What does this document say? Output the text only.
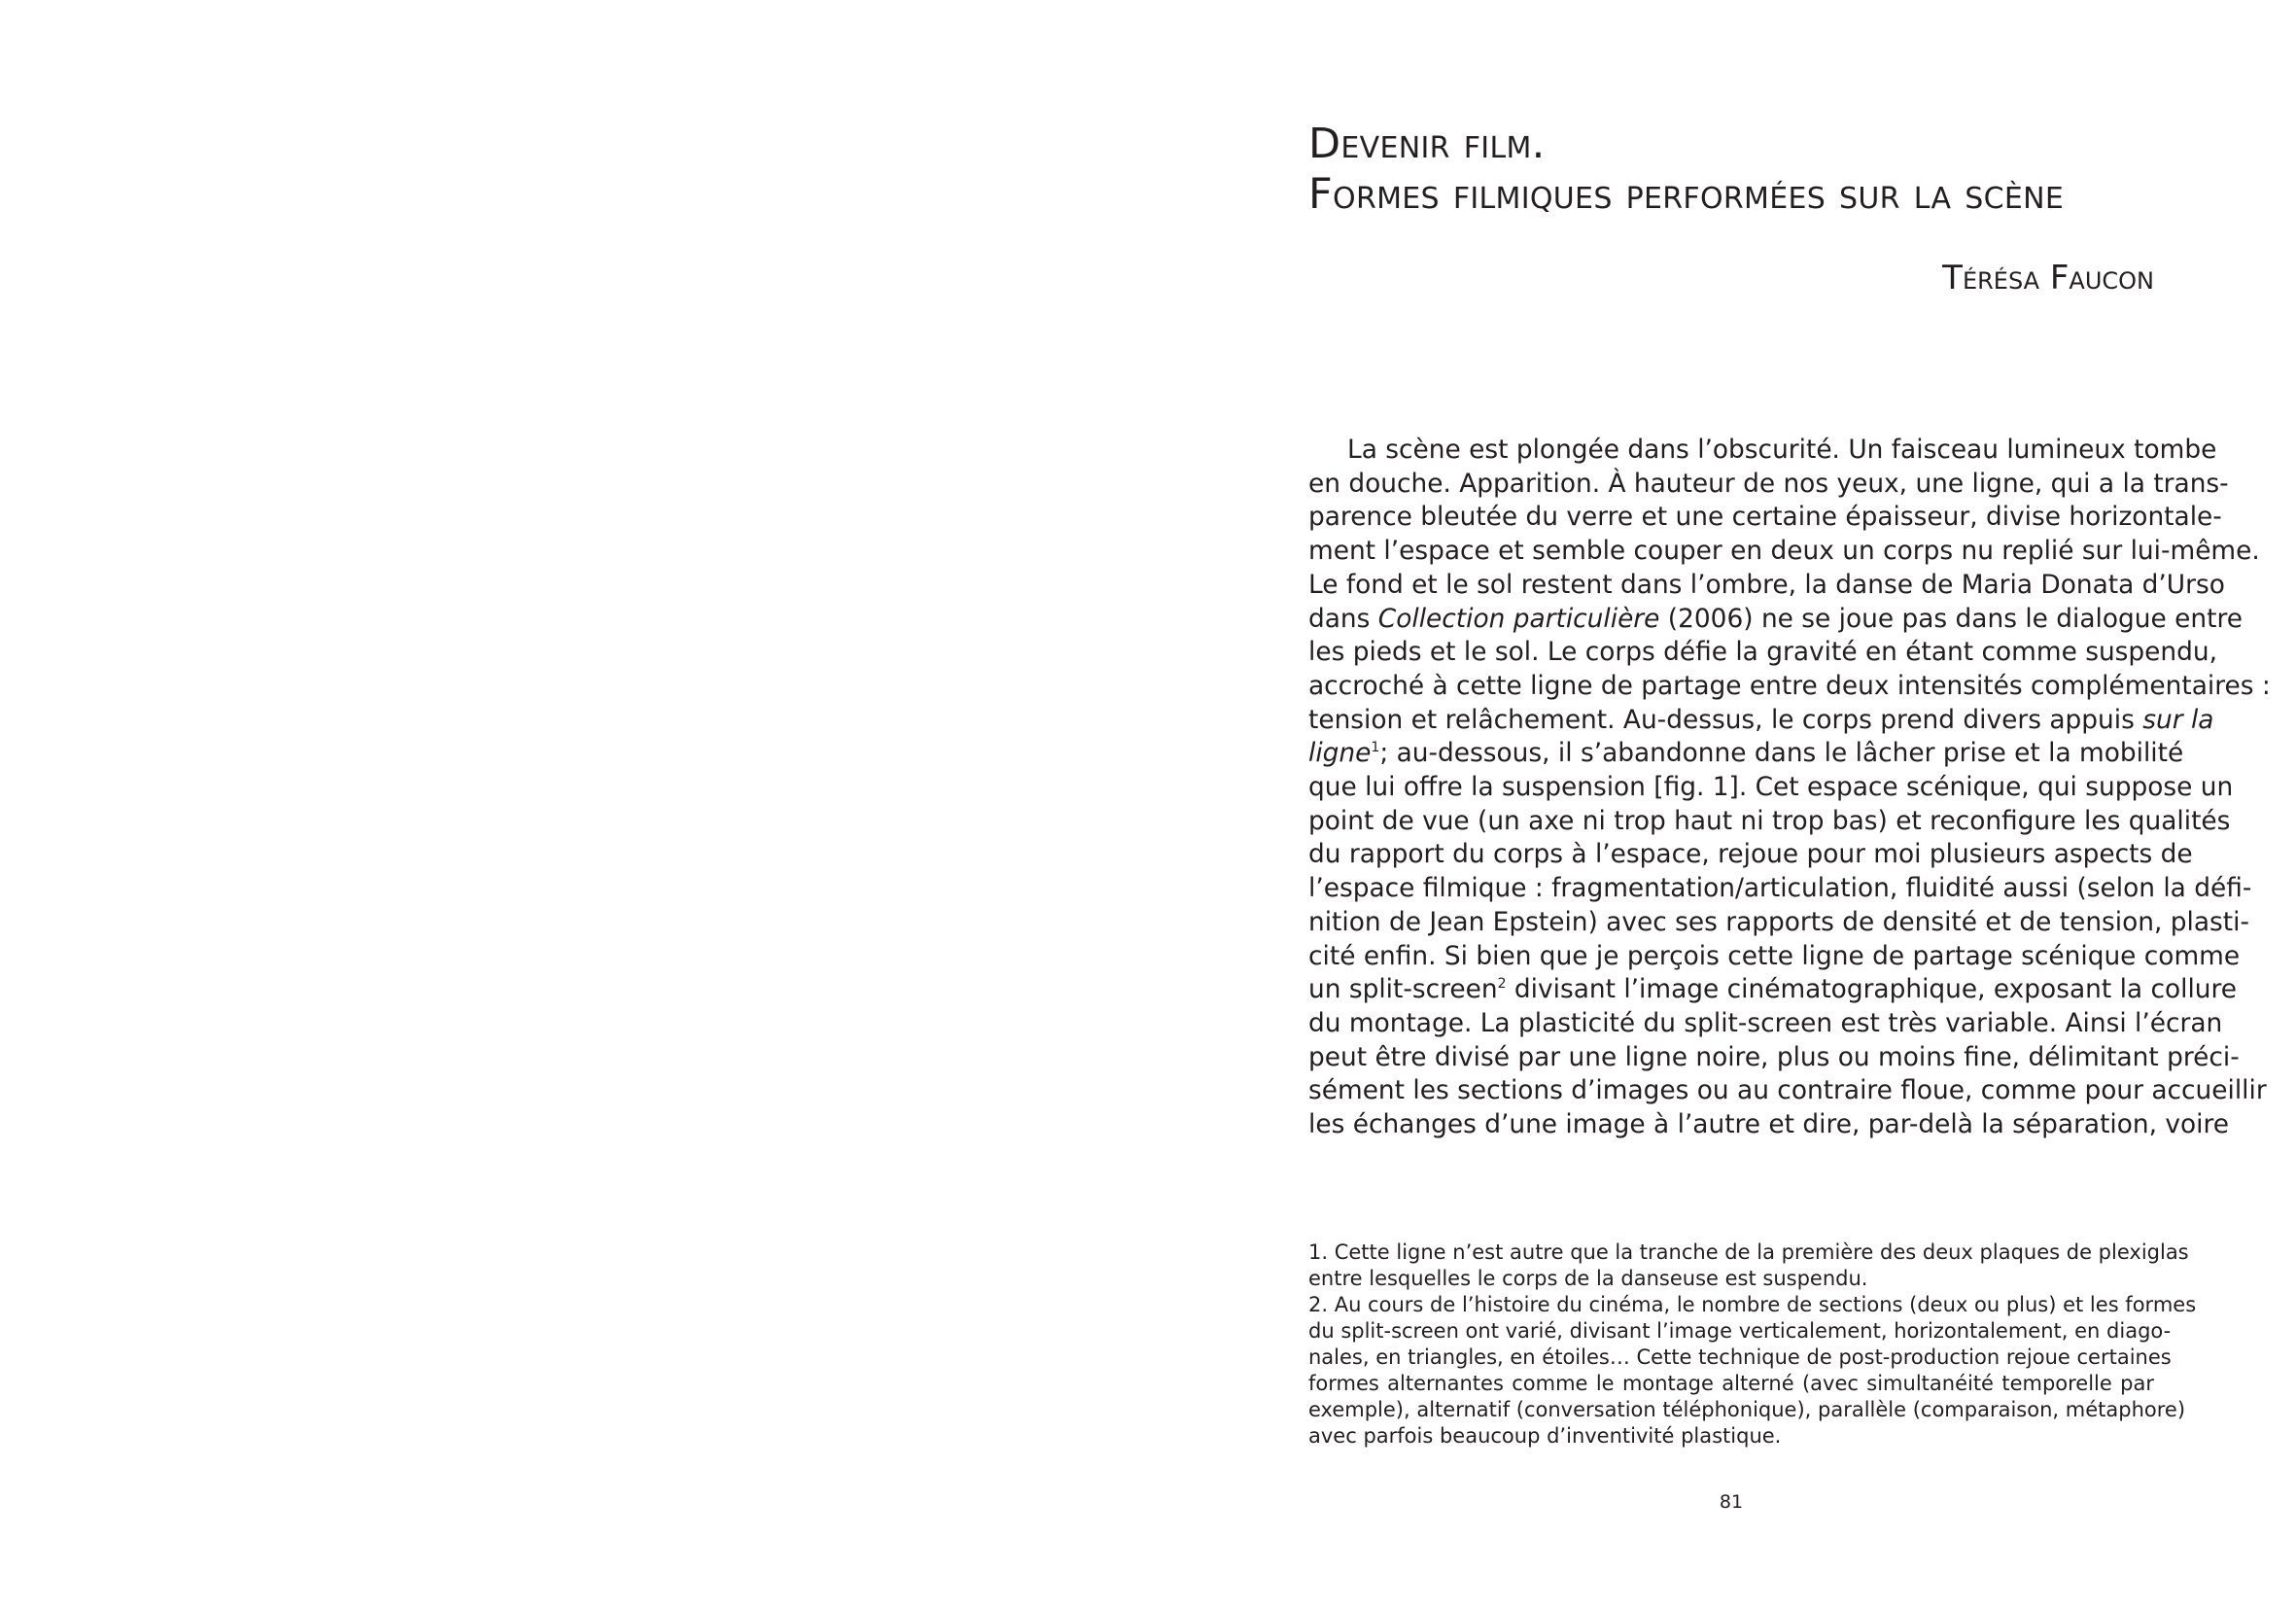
Devenir film.
Formes filmiques performées sur la scène
Térésa Faucon
La scène est plongée dans l’obscurité. Un faisceau lumineux tombe
en douche. Apparition. À hauteur de nos yeux, une ligne, qui a la trans-
parence bleutée du verre et une certaine épaisseur, divise horizontale-
ment l’espace et semble couper en deux un corps nu replié sur lui-même.
Le fond et le sol restent dans l’ombre, la danse de Maria Donata d’Urso
dans Collection particulière (2006) ne se joue pas dans le dialogue entre
les pieds et le sol. Le corps défie la gravité en étant comme suspendu,
accroché à cette ligne de partage entre deux intensités complémentaires :
tension et relâchement. Au-dessus, le corps prend divers appuis sur la
ligne$^1$; au-dessous, il s’abandonne dans le lâcher prise et la mobilité
que lui offre la suspension [fig. 1]. Cet espace scénique, qui suppose un
point de vue (un axe ni trop haut ni trop bas) et reconfigure les qualités
du rapport du corps à l’espace, rejoue pour moi plusieurs aspects de
l’espace filmique : fragmentation/articulation, fluidité aussi (selon la défi-
nition de Jean Epstein) avec ses rapports de densité et de tension, plasti-
cité enfin. Si bien que je perçois cette ligne de partage scénique comme
un split-screen$^2$ divisant l’image cinématographique, exposant la collure
du montage. La plasticité du split-screen est très variable. Ainsi l’écran
peut être divisé par une ligne noire, plus ou moins fine, délimitant préci-
sément les sections d’images ou au contraire floue, comme pour accueillir
les échanges d’une image à l’autre et dire, par-delà la séparation, voire
1. Cette ligne n’est autre que la tranche de la première des deux plaques de plexiglas
entre lesquelles le corps de la danseuse est suspendu.
2. Au cours de l’histoire du cinéma, le nombre de sections (deux ou plus) et les formes
du split-screen ont varié, divisant l’image verticalement, horizontalement, en diago-
nales, en triangles, en étoiles… Cette technique de post-production rejoue certaines
formes alternantes comme le montage alterné (avec simultanéité temporelle par
exemple), alternatif (conversation téléphonique), parallèle (comparaison, métaphore)
avec parfois beaucoup d’inventivité plastique.
81
